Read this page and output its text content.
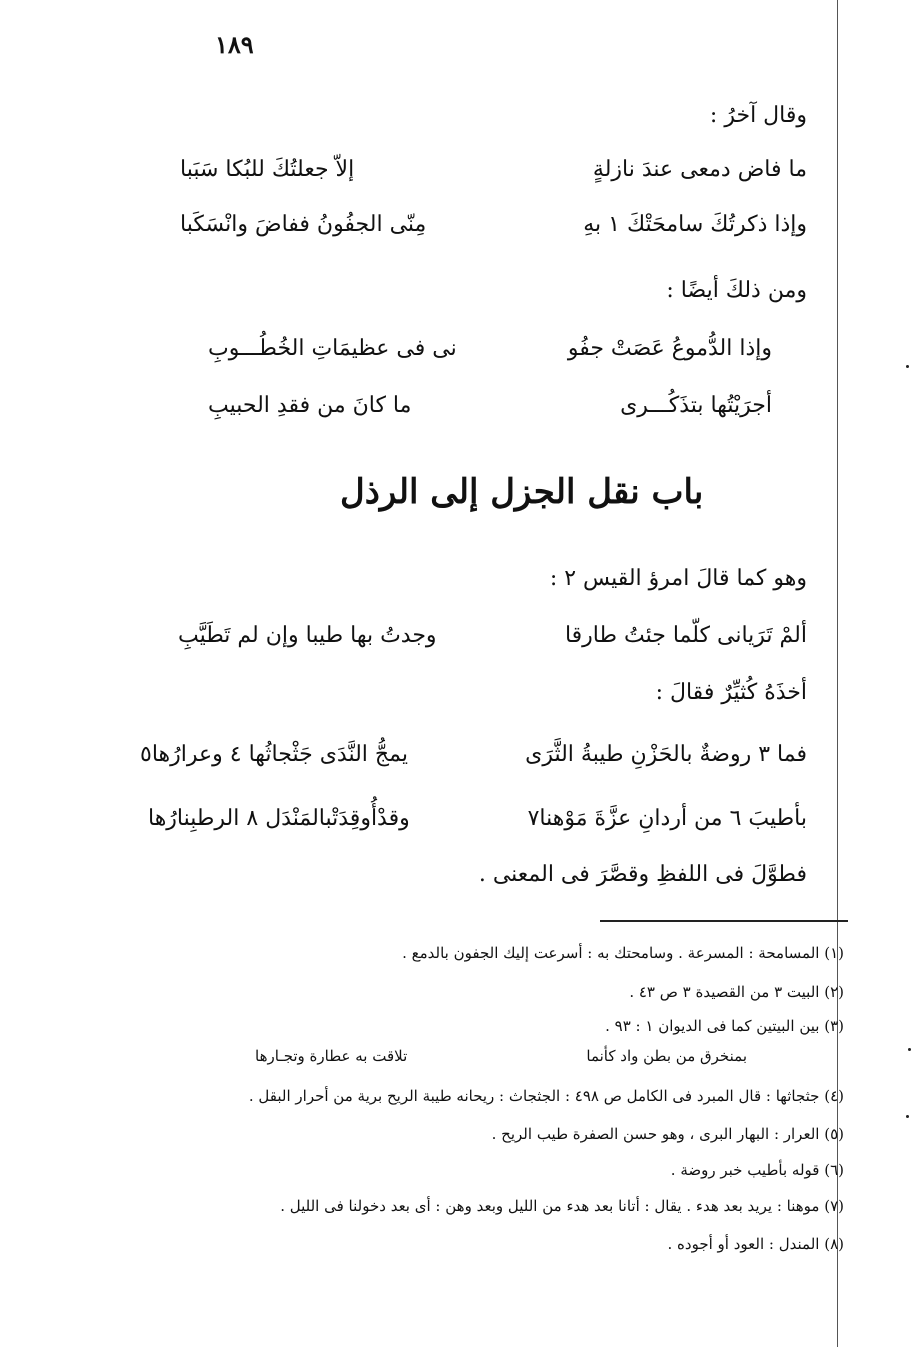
١٨٩
وقال آخرُ :
ما فاض دمعى عندَ نازلةٍ
إلاّ جعلتُكَ للبُكا سَبَبا
وإذا ذكرتُكَ سامحَتْكَ ١ بهِ
مِنّى الجفُونُ ففاضَ وانْسَكَبا
ومن ذلكَ أيضًا :
وإذا الدُّموعُ عَصَتْ جفُو
نى فى عظيمَاتِ الخُطُـــوبِ
أجرَيْتُها بتذَكُـــرى
ما كانَ من فقدِ الحبيبِ
باب نقل الجزل إلى الرذل
وهو كما قالَ امرؤ القيس ٢ :
ألمْ تَرَيانى كلّما جئتُ طارقا
وجدتُ بها طيبا وإن لم تَطَيَّبِ
أخذَهُ كُثيِّرٌ فقالَ :
فما ٣ روضةٌ بالحَزْنِ طيبةُ الثَّرَى
يمجُّ النَّدَى جَثْجاثُها ٤ وعرارُها٥
بأطيبَ ٦ من أردانِ عزَّةَ مَوْهنا٧
وقدْأُوقِدَتْبالمَنْدَل ٨ الرطبِنارُها
فطوَّلَ فى اللفظِ وقصَّرَ فى المعنى .
(١) المسامحة : المسرعة . وسامحتك به : أسرعت إليك الجفون بالدمع .
(٢) البيت ٣ من القصيدة ٣ ص ٤٣ .
(٣) بين البيتين كما فى الديوان ١ : ٩٣ .
بمنخرق من بطن واد كأنما
تلاقت به عطارة وتجـارها
(٤) جثجاثها : قال المبرد فى الكامل ص ٤٩٨ : الجثجاث : ريحانه طيبة الريح برية من أحرار البقل .
(٥) العرار : البهار البرى ، وهو حسن الصفرة طيب الريح .
(٦) قوله بأطيب خبر روضة .
(٧) موهنا : يريد بعد هدء . يقال : أتانا بعد هدء من الليل وبعد وهن : أى بعد دخولنا فى الليل .
(٨) المندل : العود أو أجوده .
